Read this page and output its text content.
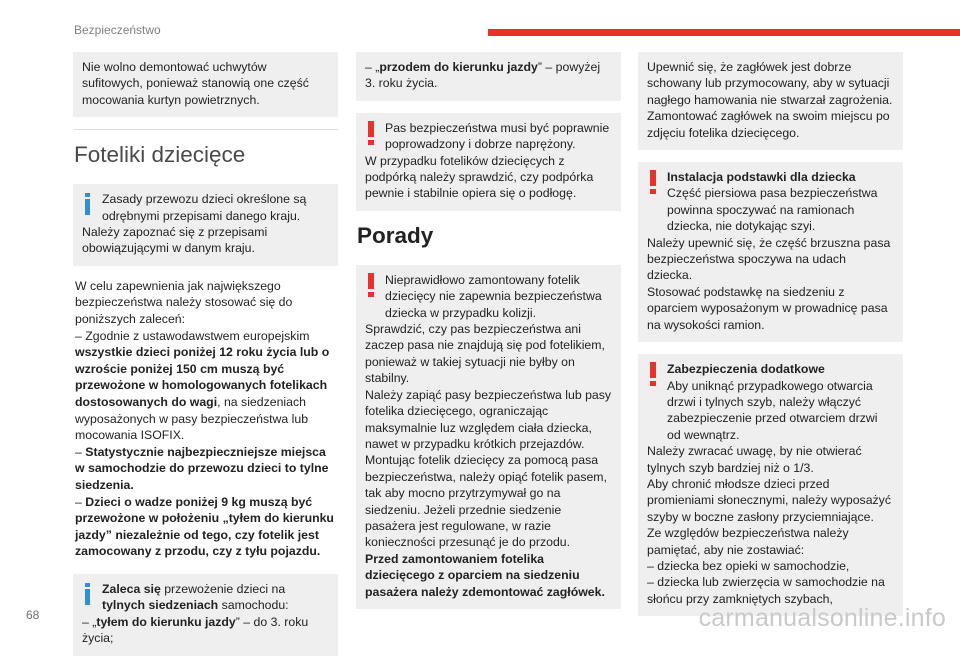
Bezpieczeństwo

Nie wolno demontować uchwytów sufitowych, ponieważ stanowią one część mocowania kurtyn powietrznych.

Foteliki dziecięce

Zasady przewozu dzieci określone są odrębnymi przepisami danego kraju.

Należy zapoznać się z przepisami obowiązującymi w danym kraju.

W celu zapewnienia jak największego bezpieczeństwa należy stosować się do poniższych zaleceń:

– Zgodnie z ustawodawstwem europejskim wszystkie dzieci poniżej 12 roku życia lub o wzroście poniżej 150 cm muszą być przewożone w homologowanych fotelikach dostosowanych do wagi, na siedzeniach wyposażonych w pasy bezpieczeństwa lub mocowania ISOFIX.

– Statystycznie najbezpieczniejsze miejsca w samochodzie do przewozu dzieci to tylne siedzenia.

– Dzieci o wadze poniżej 9 kg muszą być przewożone w położeniu „tyłem do kierunku jazdy” niezależnie od tego, czy fotelik jest zamocowany z przodu, czy z tyłu pojazdu.

Zaleca się przewożenie dzieci na tylnych siedzeniach samochodu:

– „tyłem do kierunku jazdy” – do 3. roku życia;

– „przodem do kierunku jazdy” – powyżej 3. roku życia.

Pas bezpieczeństwa musi być poprawnie poprowadzony i dobrze naprężony.

W przypadku fotelików dziecięcych z podpórką należy sprawdzić, czy podpórka pewnie i stabilnie opiera się o podłogę.

Porady

Nieprawidłowo zamontowany fotelik dziecięcy nie zapewnia bezpieczeństwa dziecka w przypadku kolizji.

Sprawdzić, czy pas bezpieczeństwa ani zaczep pasa nie znajdują się pod fotelikiem, ponieważ w takiej sytuacji nie byłby on stabilny.

Należy zapiąć pasy bezpieczeństwa lub pasy fotelika dziecięcego, ograniczając maksymalnie luz względem ciała dziecka, nawet w przypadku krótkich przejazdów.

Montując fotelik dziecięcy za pomocą pasa bezpieczeństwa, należy opiąć fotelik pasem, tak aby mocno przytrzymywał go na siedzeniu. Jeżeli przednie siedzenie pasażera jest regulowane, w razie konieczności przesunąć je do przodu.

Przed zamontowaniem fotelika dziecięcego z oparciem na siedzeniu pasażera należy zdemontować zagłówek.

Upewnić się, że zagłówek jest dobrze schowany lub przymocowany, aby w sytuacji nagłego hamowania nie stwarzał zagrożenia. Zamontować zagłówek na swoim miejscu po zdjęciu fotelika dziecięcego.

Instalacja podstawki dla dziecka

Część piersiowa pasa bezpieczeństwa powinna spoczywać na ramionach dziecka, nie dotykając szyi.

Należy upewnić się, że część brzuszna pasa bezpieczeństwa spoczywa na udach dziecka.

Stosować podstawkę na siedzeniu z oparciem wyposażonym w prowadnicę pasa na wysokości ramion.

Zabezpieczenia dodatkowe

Aby uniknąć przypadkowego otwarcia drzwi i tylnych szyb, należy włączyć zabezpieczenie przed otwarciem drzwi od wewnątrz.

Należy zwracać uwagę, by nie otwierać tylnych szyb bardziej niż o 1/3.

Aby chronić młodsze dzieci przed promieniami słonecznymi, należy wyposażyć szyby w boczne zasłony przyciemniające.

Ze względów bezpieczeństwa należy pamiętać, aby nie zostawiać:

– dziecka bez opieki w samochodzie,

– dziecka lub zwierzęcia w samochodzie na słońcu przy zamkniętych szybach,

68	carmanualsonline.info
